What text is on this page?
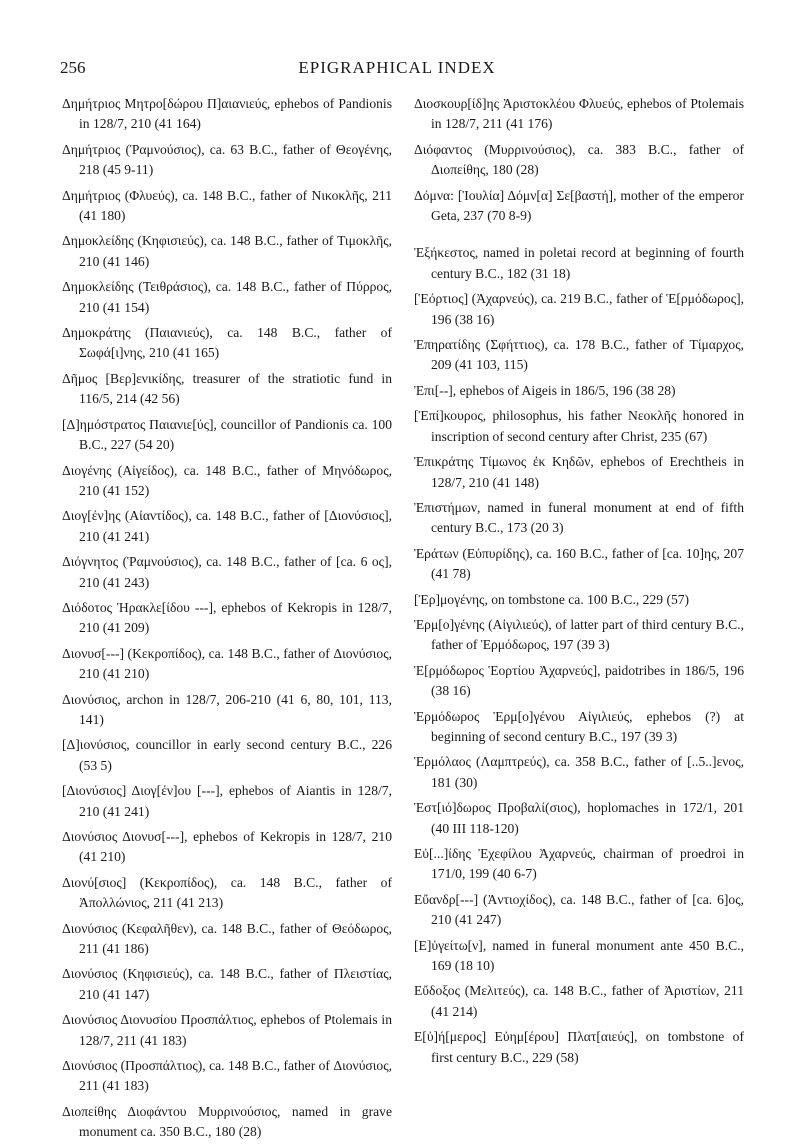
256	EPIGRAPHICAL INDEX

Δημήτριος Μητρο[δώρου Π]αιανιεύς, ephebos of Pandionis in 128/7, 210 (41 164)

Δημήτριος (Ῥαμνούσιος), ca. 63 B.C., father of Θεογένης, 218 (45 9-11)

Δημήτριος (Φλυεύς), ca. 148 B.C., father of Νικοκλῆς, 211 (41 180)

Δημοκλείδης (Κηφισιεύς), ca. 148 B.C., father of Τιμοκλῆς, 210 (41 146)

Δημοκλείδης (Τειθράσιος), ca. 148 B.C., father of Πύρρος, 210 (41 154)

Δημοκράτης (Παιανιεύς), ca. 148 B.C., father of Σωφά[ι]νης, 210 (41 165)

Δῆμος [Βερ]ενικίδης, treasurer of the stratiotic fund in 116/5, 214 (42 56)

[Δ]ημόστρατος Παιανιε[ύς], councillor of Pandionis ca. 100 B.C., 227 (54 20)

Διογένης (Αἰγείδος), ca. 148 B.C., father of Μηνόδωρος, 210 (41 152)

Διογ[έν]ης (Αἰαντίδος), ca. 148 B.C., father of [Διονύσιος], 210 (41 241)

Διόγνητος (Ῥαμνούσιος), ca. 148 B.C., father of [ca. 6 ος], 210 (41 243)

Διόδοτος Ἡρακλε[ίδου ---], ephebos of Kekropis in 128/7, 210 (41 209)

Διονυσ[---] (Κεκροπίδος), ca. 148 B.C., father of Διονύσιος, 210 (41 210)

Διονύσιος, archon in 128/7, 206-210 (41 6, 80, 101, 113, 141)

[Δ]ιονύσιος, councillor in early second century B.C., 226 (53 5)

[Διονύσιος] Διογ[έν]ου [---], ephebos of Aiantis in 128/7, 210 (41 241)

Διονύσιος Διονυσ[---], ephebos of Kekropis in 128/7, 210 (41 210)

Διονύ[σιος] (Κεκροπίδος), ca. 148 B.C., father of Ἀπολλώνιος, 211 (41 213)

Διονύσιος (Κεφαλῆθεν), ca. 148 B.C., father of Θεόδωρος, 211 (41 186)

Διονύσιος (Κηφισιεύς), ca. 148 B.C., father of Πλειστίας, 210 (41 147)

Διονύσιος Διονυσίου Προσπάλτιος, ephebos of Ptolemais in 128/7, 211 (41 183)

Διονύσιος (Προσπάλτιος), ca. 148 B.C., father of Διονύσιος, 211 (41 183)

Διοπείθης Διοφάντου Μυρρινούσιος, named in grave monument ca. 350 B.C., 180 (28)

Διοσκουρ[ίδ]ης Ἀριστοκλέου Φλυεύς, ephebos of Ptolemais in 128/7, 211 (41 176)

Διόφαντος (Μυρρινούσιος), ca. 383 B.C., father of Διοπείθης, 180 (28)

Δόμνα: [Ἰουλία] Δόμν[α] Σε[βαστή], mother of the emperor Geta, 237 (70 8-9)

Ἐξήκεστος, named in poletai record at beginning of fourth century B.C., 182 (31 18)

[Ἑόρτιος] (Ἀχαρνεύς), ca. 219 B.C., father of Ἑ[ρμόδωρος], 196 (38 16)

Ἐπηρατίδης (Σφήττιος), ca. 178 B.C., father of Τίμαρχος, 209 (41 103, 115)

Ἐπι[--], ephebos of Aigeis in 186/5, 196 (38 28)

[Ἐπί]κουρος, philosophus, his father Νεοκλῆς honored in inscription of second century after Christ, 235 (67)

Ἐπικράτης Τίμωνος ἐκ Κηδῶν, ephebos of Erechtheis in 128/7, 210 (41 148)

Ἐπιστήμων, named in funeral monument at end of fifth century B.C., 173 (20 3)

Ἐράτων (Εὐπυρίδης), ca. 160 B.C., father of [ca. 10]ης, 207 (41 78)

[Ἐρ]μογένης, on tombstone ca. 100 B.C., 229 (57)

Ἑρμ[ο]γένης (Αἰγιλιεύς), of latter part of third century B.C., father of Ἑρμόδωρος, 197 (39 3)

Ἑ[ρμόδωρος Ἑορτίου Ἀχαρνεύς], paidotribes in 186/5, 196 (38 16)

Ἑρμόδωρος Ἑρμ[ο]γένου Αἰγιλιεύς, ephebos (?) at beginning of second century B.C., 197 (39 3)

Ἑρμόλαος (Λαμπτρεύς), ca. 358 B.C., father of [..5..]ενος, 181 (30)

Ἑστ[ιό]δωρος Προβαλί(σιος), hoplomaches in 172/1, 201 (40 III 118-120)

Εὐ[...]ίδης Ἐχεφίλου Ἀχαρνεύς, chairman of proedroi in 171/0, 199 (40 6-7)

Εὔανδρ[---] (Ἀντιοχίδος), ca. 148 B.C., father of [ca. 6]ος, 210 (41 247)

[Ε]ὐγείτω[ν], named in funeral monument ante 450 B.C., 169 (18 10)

Εὔδοξος (Μελιτεύς), ca. 148 B.C., father of Ἀριστίων, 211 (41 214)

Ε[ὐ]ή[μερος] Εὐημ[έρου] Πλατ[αιεύς], on tombstone of first century B.C., 229 (58)
